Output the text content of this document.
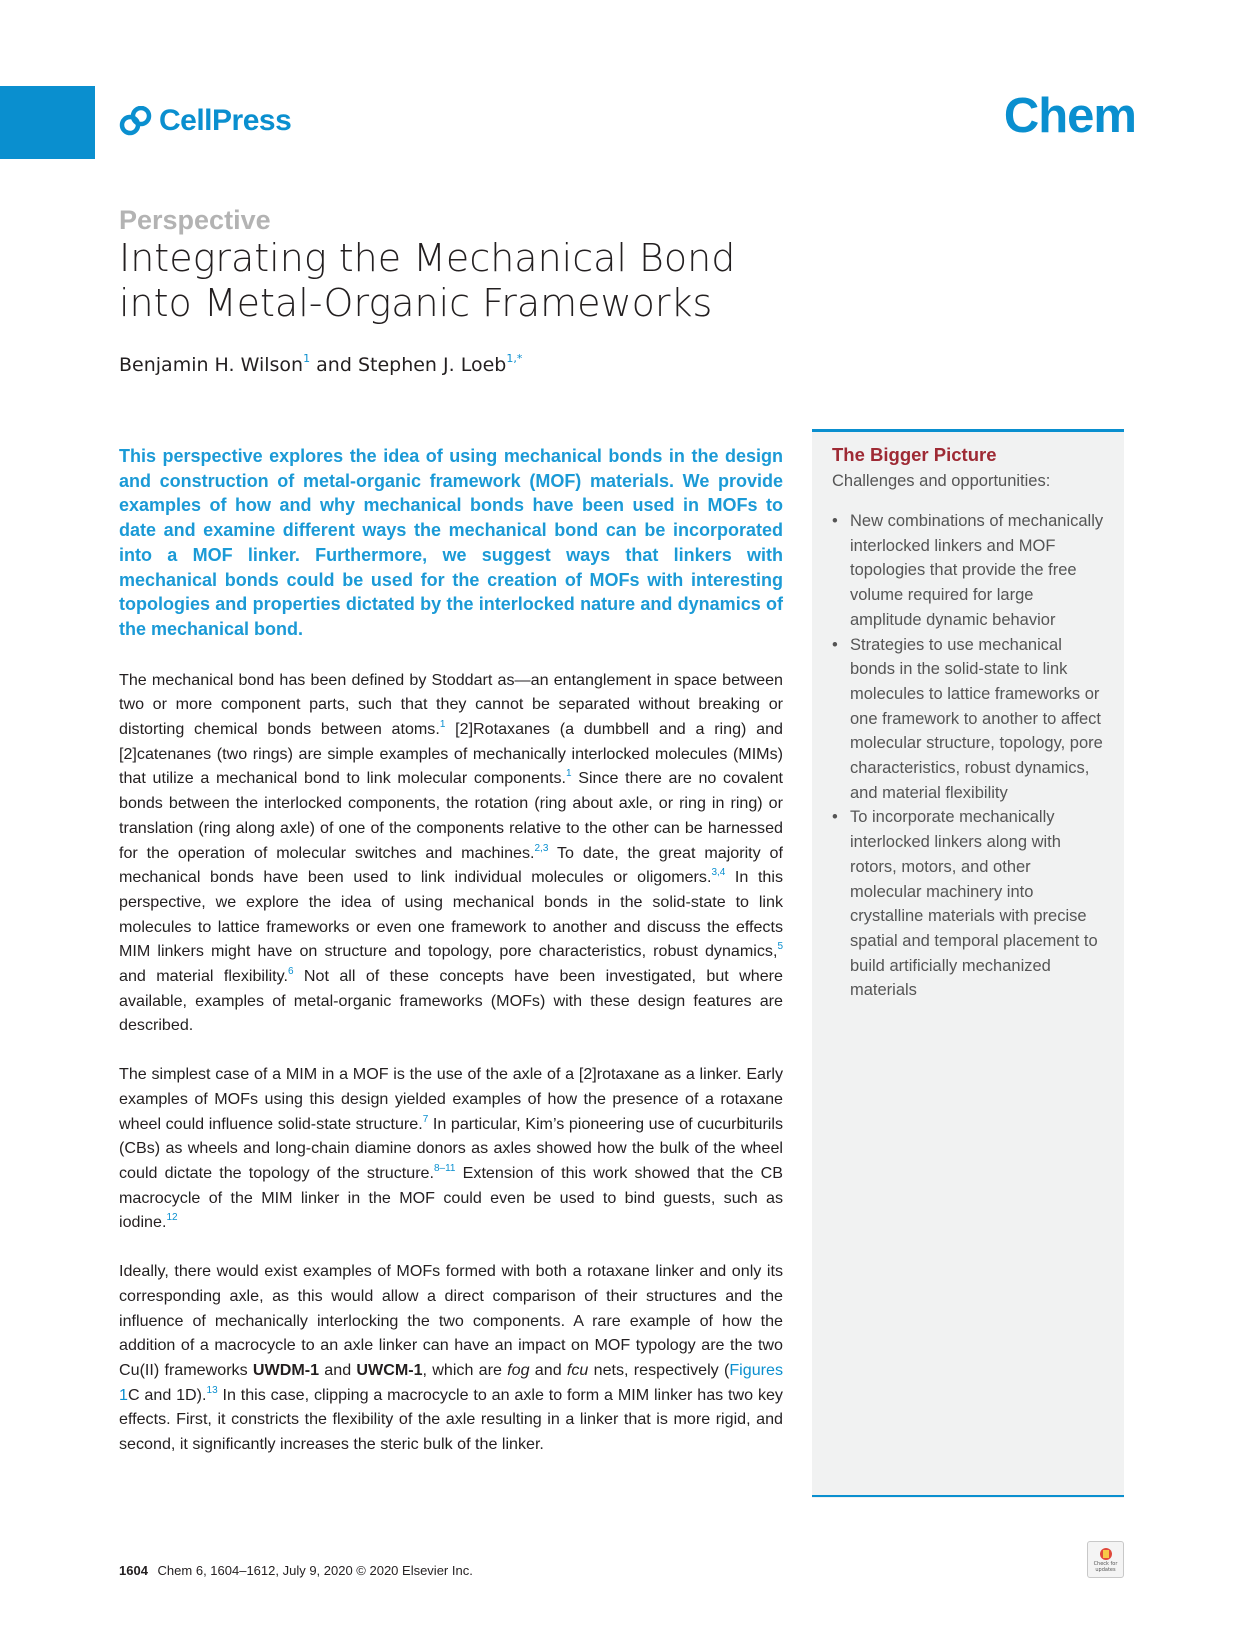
CellPress	Chem
Perspective
Integrating the Mechanical Bond into Metal-Organic Frameworks
Benjamin H. Wilson$^1$ and Stephen J. Loeb$^{1,*}$

This perspective explores the idea of using mechanical bonds in the design and construction of metal-organic framework (MOF) materials. We provide examples of how and why mechanical bonds have been used in MOFs to date and examine different ways the mechanical bond can be incorporated into a MOF linker. Furthermore, we suggest ways that linkers with mechanical bonds could be used for the creation of MOFs with interesting topologies and properties dictated by the interlocked nature and dynamics of the mechanical bond.

The mechanical bond has been defined by Stoddart as—an entanglement in space between two or more component parts, such that they cannot be separated without breaking or distorting chemical bonds between atoms.$^1$ [2]Rotaxanes (a dumbbell and a ring) and [2]catenanes (two rings) are simple examples of mechanically interlocked molecules (MIMs) that utilize a mechanical bond to link molecular components.$^1$ Since there are no covalent bonds between the interlocked components, the rotation (ring about axle, or ring in ring) or translation (ring along axle) of one of the components relative to the other can be harnessed for the operation of molecular switches and machines.$^{2,3}$ To date, the great majority of mechanical bonds have been used to link individual molecules or oligomers.$^{3,4}$ In this perspective, we explore the idea of using mechanical bonds in the solid-state to link molecules to lattice frameworks or even one framework to another and discuss the effects MIM linkers might have on structure and topology, pore characteristics, robust dynamics,$^5$ and material flexibility.$^6$ Not all of these concepts have been investigated, but where available, examples of metal-organic frameworks (MOFs) with these design features are described.

The simplest case of a MIM in a MOF is the use of the axle of a [2]rotaxane as a linker. Early examples of MOFs using this design yielded examples of how the presence of a rotaxane wheel could influence solid-state structure.$^7$ In particular, Kim’s pioneering use of cucurbiturils (CBs) as wheels and long-chain diamine donors as axles showed how the bulk of the wheel could dictate the topology of the structure.$^{8-11}$ Extension of this work showed that the CB macrocycle of the MIM linker in the MOF could even be used to bind guests, such as iodine.$^{12}$

Ideally, there would exist examples of MOFs formed with both a rotaxane linker and only its corresponding axle, as this would allow a direct comparison of their structures and the influence of mechanically interlocking the two components. A rare example of how the addition of a macrocycle to an axle linker can have an impact on MOF typology are the two Cu(II) frameworks UWDM-1 and UWCM-1, which are fog and fcu nets, respectively (Figures 1C and 1D).$^{13}$ In this case, clipping a macrocycle to an axle to form a MIM linker has two key effects. First, it constricts the flexibility of the axle resulting in a linker that is more rigid, and second, it significantly increases the steric bulk of the linker.

The Bigger Picture
Challenges and opportunities:
• New combinations of mechanically interlocked linkers and MOF topologies that provide the free volume required for large amplitude dynamic behavior
• Strategies to use mechanical bonds in the solid-state to link molecules to lattice frameworks or one framework to another to affect molecular structure, topology, pore characteristics, robust dynamics, and material flexibility
• To incorporate mechanically interlocked linkers along with rotors, motors, and other molecular machinery into crystalline materials with precise spatial and temporal placement to build artificially mechanized materials
1604 Chem 6, 1604–1612, July 9, 2020 © 2020 Elsevier Inc.	Check for updates
